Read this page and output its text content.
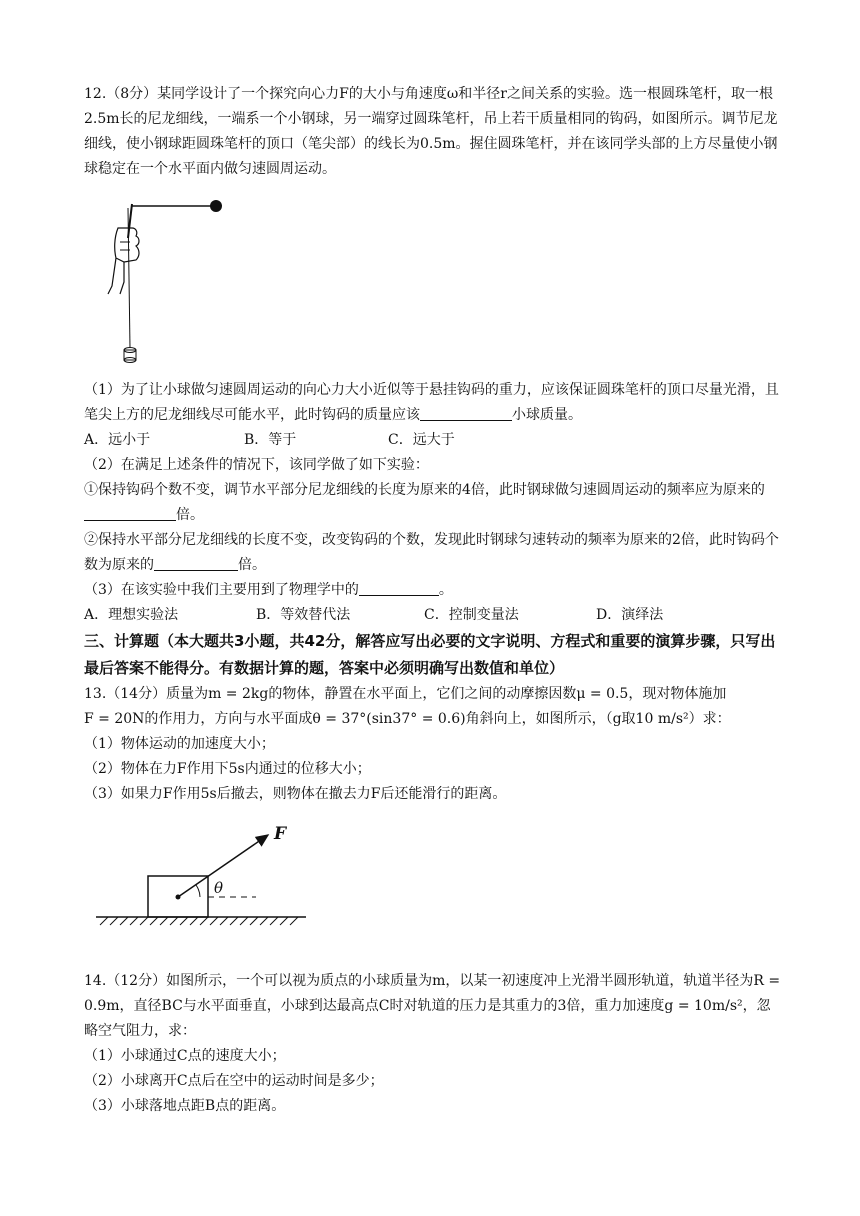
12.（8分）某同学设计了一个探究向心力F的大小与角速度ω和半径r之间关系的实验。选一根圆珠笔杆，取一根2.5m长的尼龙细线，一端系一个小钢球，另一端穿过圆珠笔杆，吊上若干质量相同的钩码，如图所示。调节尼龙细线，使小钢球距圆珠笔杆的顶口（笔尖部）的线长为0.5m。握住圆珠笔杆，并在该同学头部的上方尽量使小钢球稳定在一个水平面内做匀速圆周运动。

（1）为了让小球做匀速圆周运动的向心力大小近似等于悬挂钩码的重力，应该保证圆珠笔杆的顶口尽量光滑，且笔尖上方的尼龙细线尽可能水平，此时钩码的质量应该	小球质量。

A．远小于	B．等于	C．远大于

（2）在满足上述条件的情况下，该同学做了如下实验：

①保持钩码个数不变，调节水平部分尼龙细线的长度为原来的4倍，此时钢球做匀速圆周运动的频率应为原来的倍。

②保持水平部分尼龙细线的长度不变，改变钩码的个数，发现此时钢球匀速转动的频率为原来的2倍，此时钩码个数为原来的	倍。

（3）在该实验中我们主要用到了物理学中的	。

A．理想实验法	B．等效替代法	C．控制变量法	D．演绎法

三、计算题（本大题共3小题，共42分，解答应写出必要的文字说明、方程式和重要的演算步骤，只写出最后答案不能得分。有数据计算的题，答案中必须明确写出数值和单位）

13.（14分）质量为m = 2kg的物体，静置在水平面上，它们之间的动摩擦因数μ = 0.5，现对物体施加

F = 20N的作用力，方向与水平面成θ = 37°(sin37° = 0.6)角斜向上，如图所示，（g取10 m/s²）求：

（1）物体运动的加速度大小；

（2）物体在力F作用下5s内通过的位移大小；

（3）如果力F作用5s后撤去，则物体在撤去力F后还能滑行的距离。

F
θ

14.（12分）如图所示，一个可以视为质点的小球质量为m，以某一初速度冲上光滑半圆形轨道，轨道半径为R = 0.9m，直径BC与水平面垂直，小球到达最高点C时对轨道的压力是其重力的3倍，重力加速度g = 10m/s²，忽略空气阻力，求：

（1）小球通过C点的速度大小；

（2）小球离开C点后在空中的运动时间是多少；

（3）小球落地点距B点的距离。
